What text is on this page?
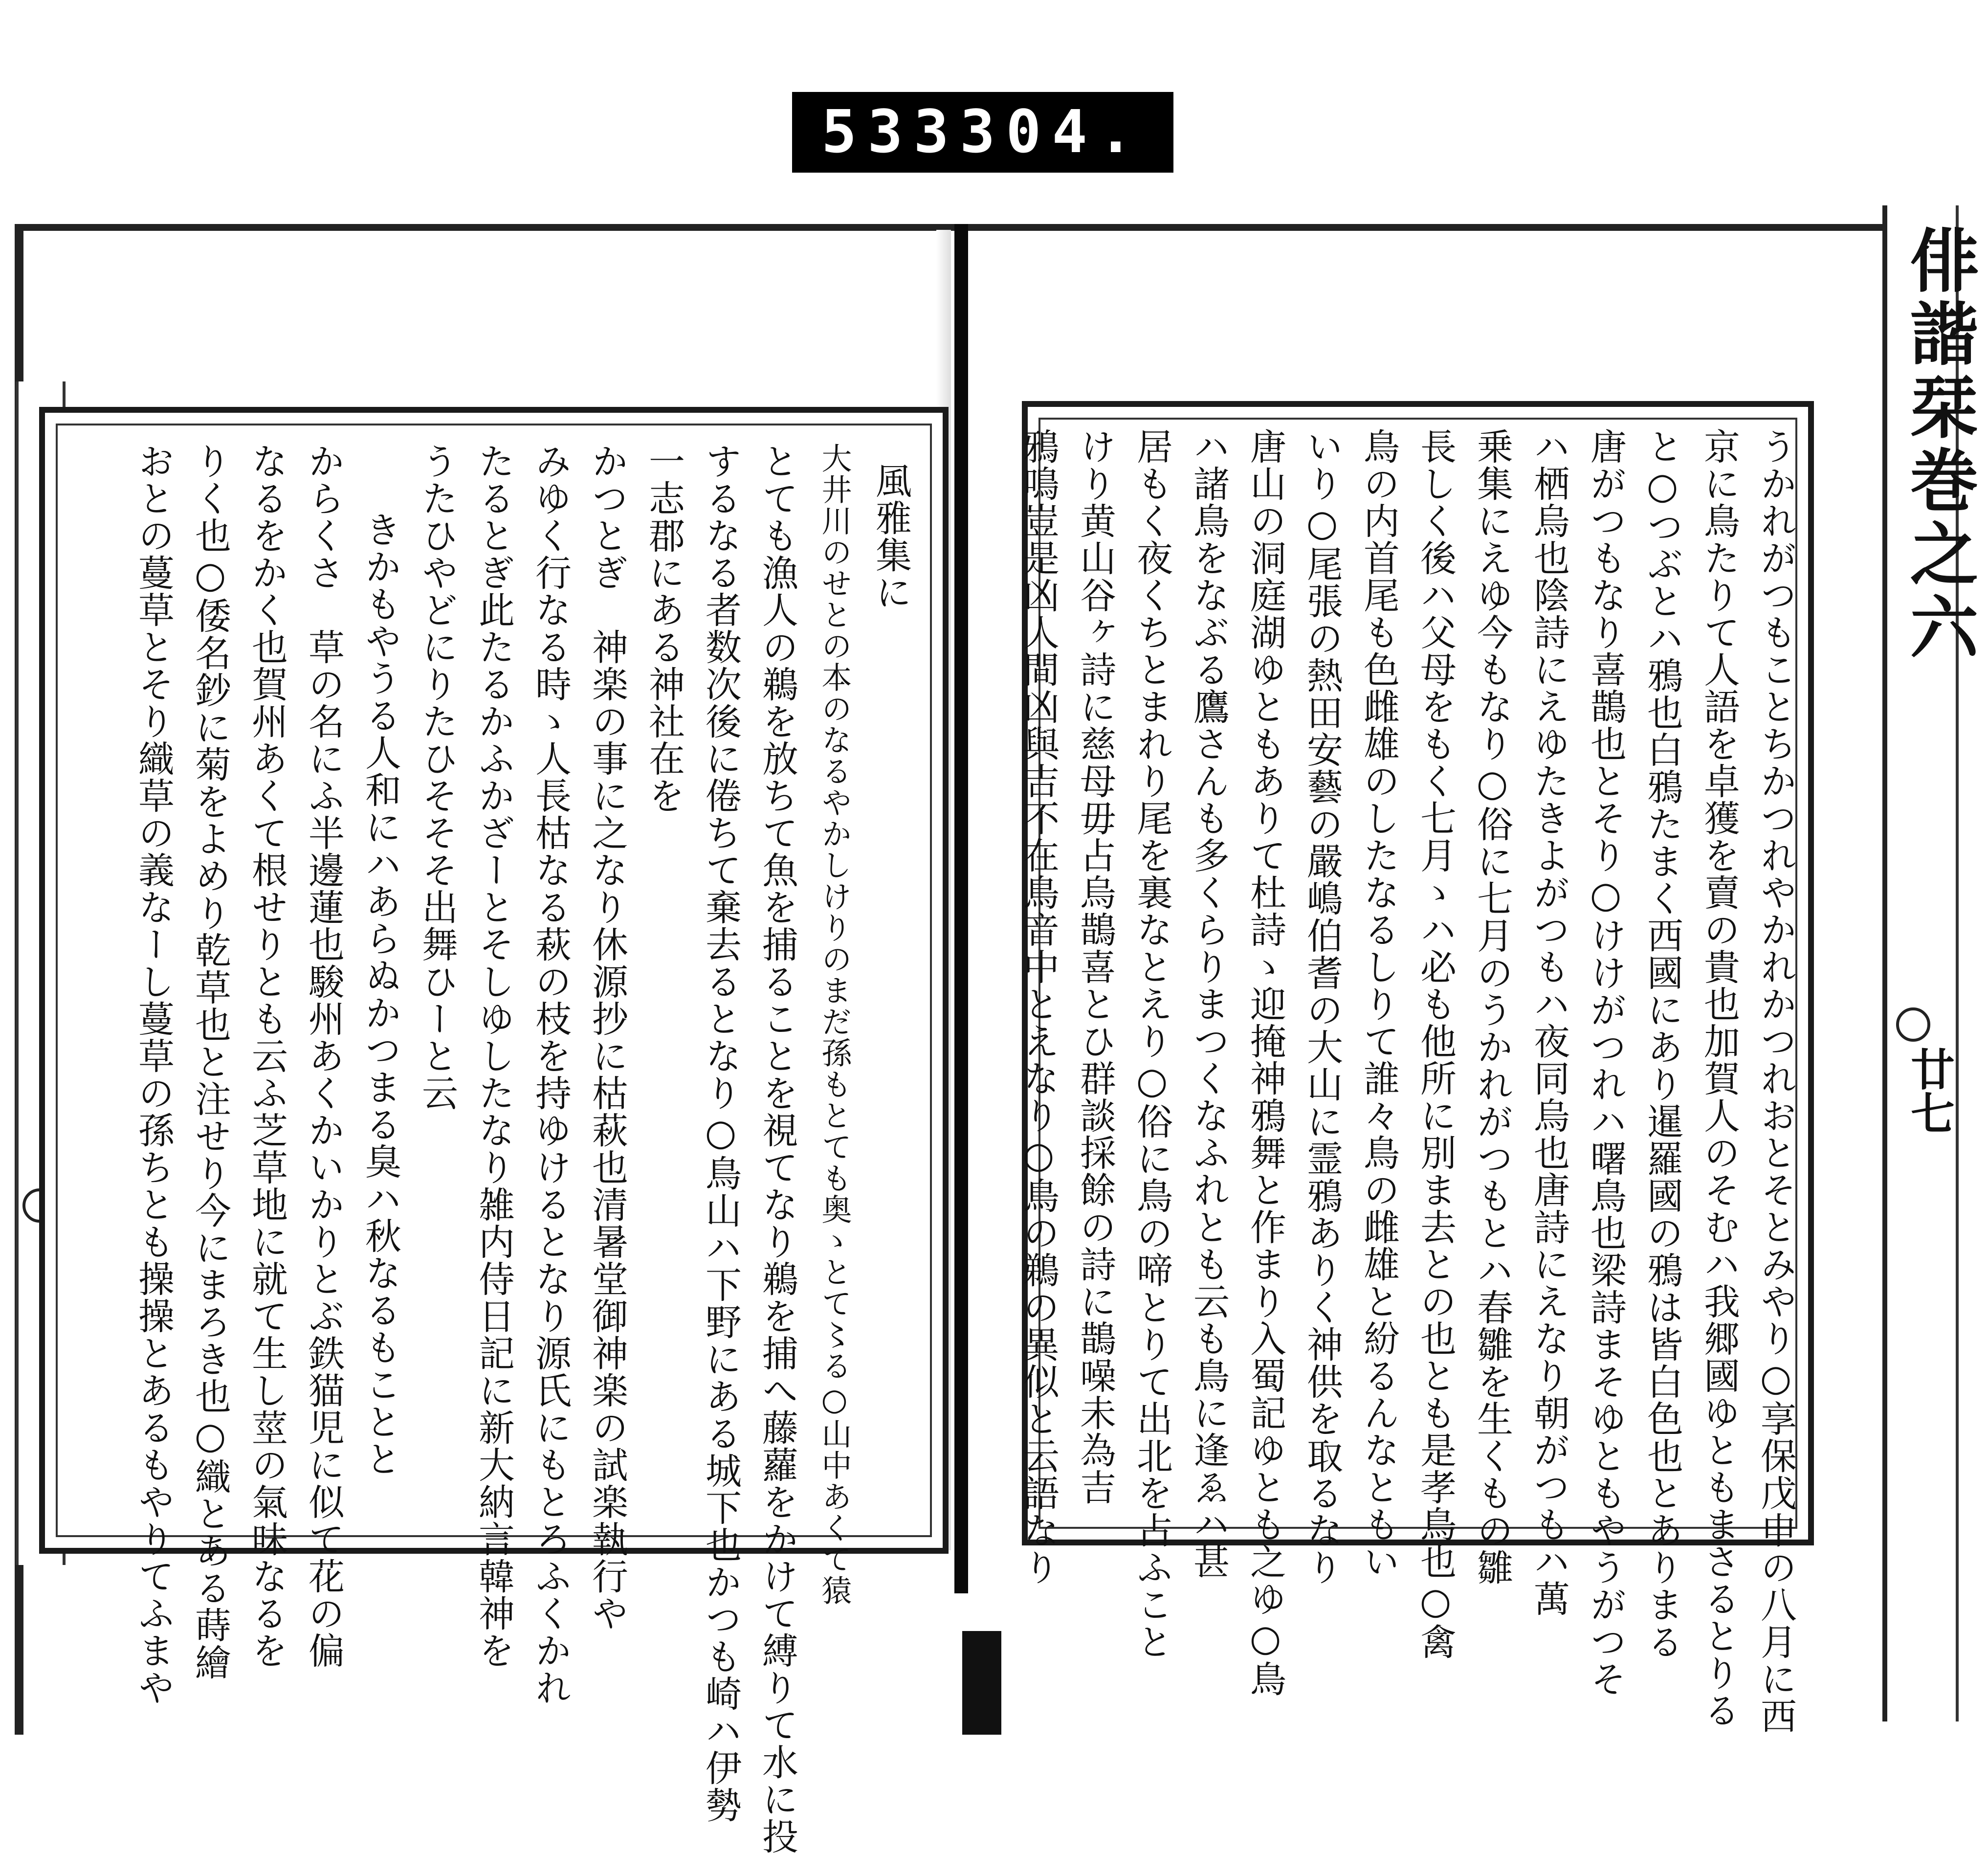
533 304.
俳諧栞巻之六
廿七
風雅集に
大井川のせとの本のなるやかしけりのまだ孫もとても奥ゝとて〻る○山中あくて猿
とても漁人の鵜を放ちて魚を捕ることを視てなり鵜を捕へ藤蘿をかけて縛りて水に投
するなる者数次後に倦ちて棄去るとなり○鳥山ハ下野にある城下也かつも崎ハ伊勢
一志郡にある神社在を
かつとぎ　神楽の事に之なり休源抄に枯萩也清暑堂御神楽の試楽執行や
みゆく行なる時ゝ人長枯なる萩の枝を持ゆけるとなり源氏にもとろふくかれ
たるとぎ此たるかふかざーとそしゆしたなり雑内侍日記に新大納言韓神を
うたひやどにりたひそそそ出舞ひーと云
きかもやうる人和にハあらぬかつまる臭ハ秋なるもことと
からくさ　草の名にふ半邊蓮也駿州あくかいかりとぶ鉄猫児に似て花の偏
なるをかく也賀州あくて根せりとも云ふ芝草地に就て生し莖の氣味なるを
りく也○倭名鈔に菊をよめり乾草也と注せり今にまろき也○織とある蒔繪
おとの蔓草とそり織草の義なーし蔓草の孫ちとも操操とあるもやりてふまや	うかれがつもことちかつれやかれかつれおとそとみやり○享保戊申の八月に西
京に鳥たりて人語を卓獲を賣の貴也加賀人のそむハ我郷國ゆともまさるとりる
と○つぶとハ鴉也白鴉たまく西國にあり暹羅國の鴉は皆白色也とありまる
唐がつもなり喜鵲也とそり○けけがつれハ曙鳥也梁詩まそゆともやうがつそ
ハ栖烏也陰詩にえゆたきよがつもハ夜同烏也唐詩にえなり朝がつもハ萬
乗集にえゆ今もなり○俗に七月のうかれがつもとハ春雛を生くもの雛
長しく後ハ父母をもく七月ゝハ必も他所に別ま去との也とも是孝鳥也○禽
鳥の内首尾も色雌雄のしたなるしりて誰々鳥の雌雄と紛るんなともい
いり○尾張の熱田安藝の嚴嶋伯耆の大山に霊鴉ありく神供を取るなり
唐山の洞庭湖ゆともありて杜詩ゝ迎掩神鴉舞と作まり入蜀記ゆとも之ゆ○鳥
ハ諸鳥をなぶる鷹さんも多くらりまつくなふれとも云も鳥に逢ゑハ甚
居もく夜くちとまれり尾を裏なとえり○俗に鳥の啼とりて出北を占ふこと
けり黄山谷ヶ詩に慈母毋占烏鵲喜とひ群談採餘の詩に鵲噪未為吉
鴉鳴豈是凶人間凶與吉不在鳥音中とえなり○鳥の鵜の異似と云語なり
